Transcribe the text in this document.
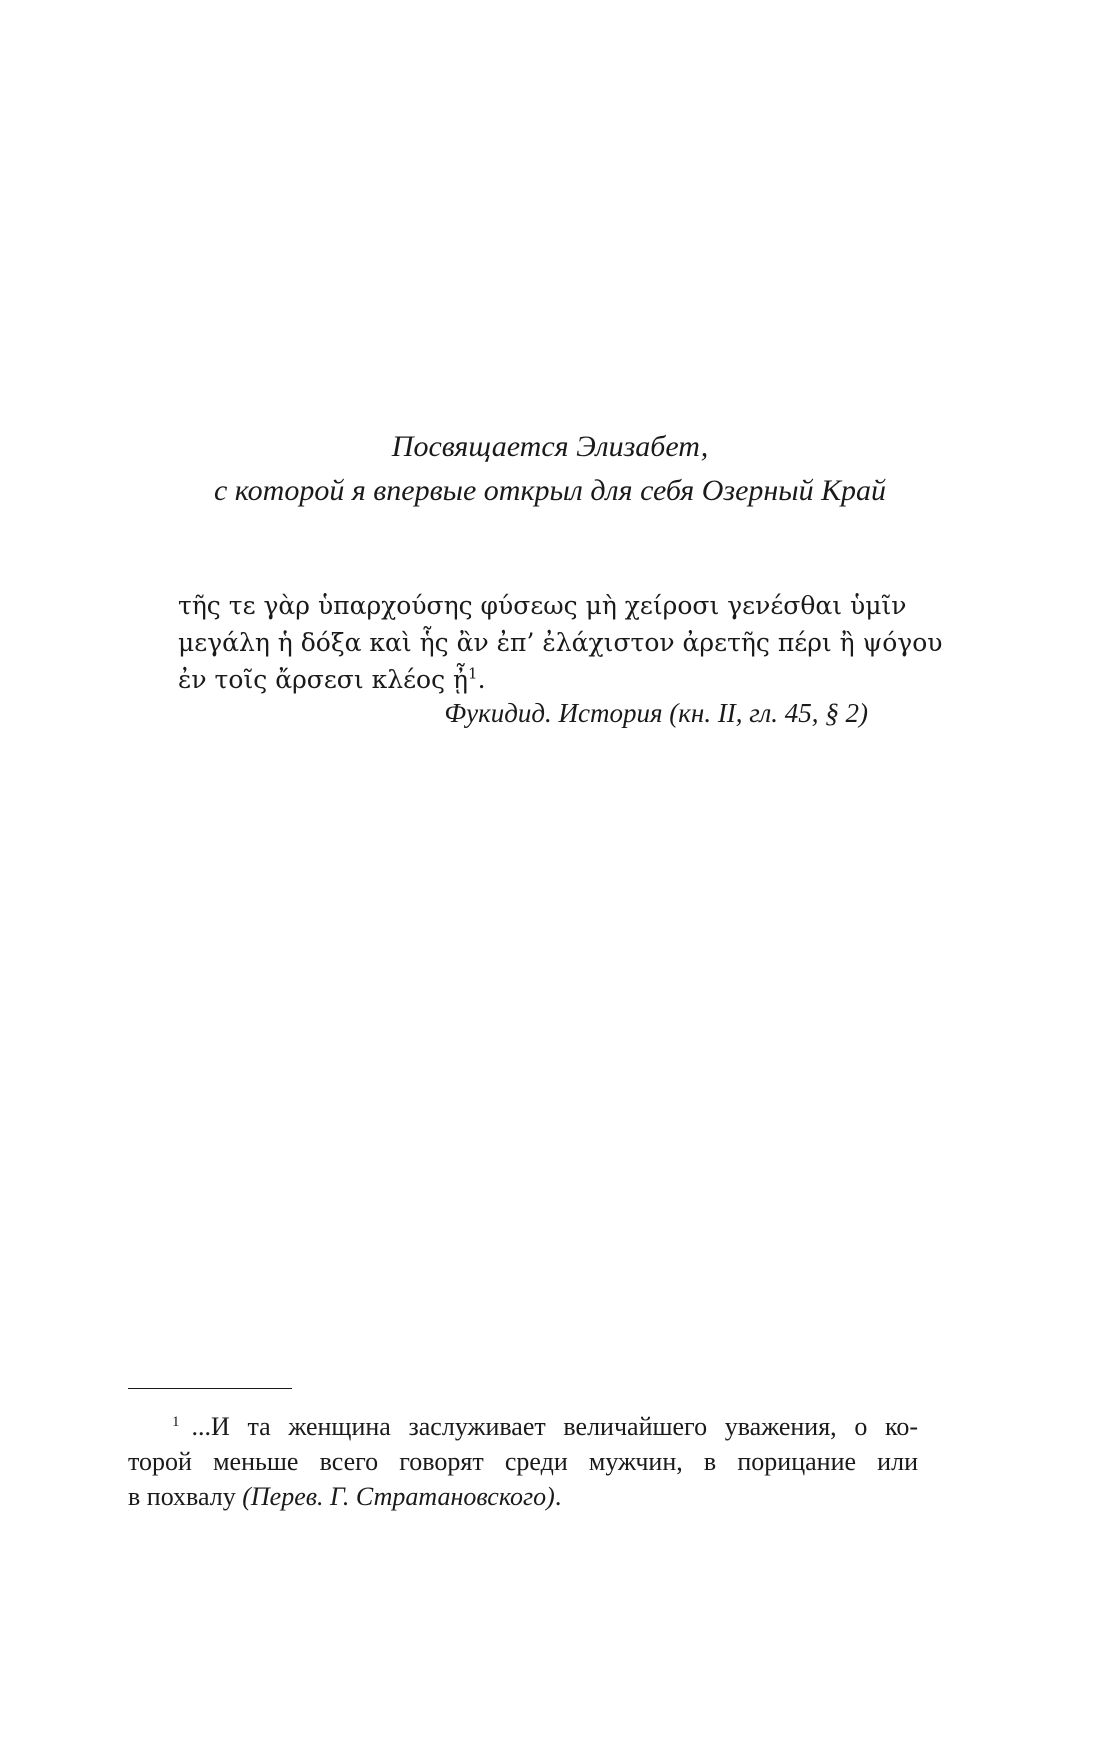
Посвящается Элизабет,
с которой я впервые открыл для себя Озерный Край
τῆς τε γὰρ ὑπαρχούσης φύσεως μὴ χείροσι γενέσθαι ὑμῖν
μεγάλη ἡ δόξα καὶ ἧς ἂν ἐπ’ ἐλάχιστον ἀρετῆς πέρι ἢ ψόγου
ἐν τοῖς ἄρσεσι κλέος ᾖ$^1$.
Фукидид. История (кн. II, гл. 45, § 2)
$^1$ ...И та женщина заслуживает величайшего уважения, о ко-
торой меньше всего говорят среди мужчин, в порицание или
в похвалу (Перев. Г. Стратановского).
